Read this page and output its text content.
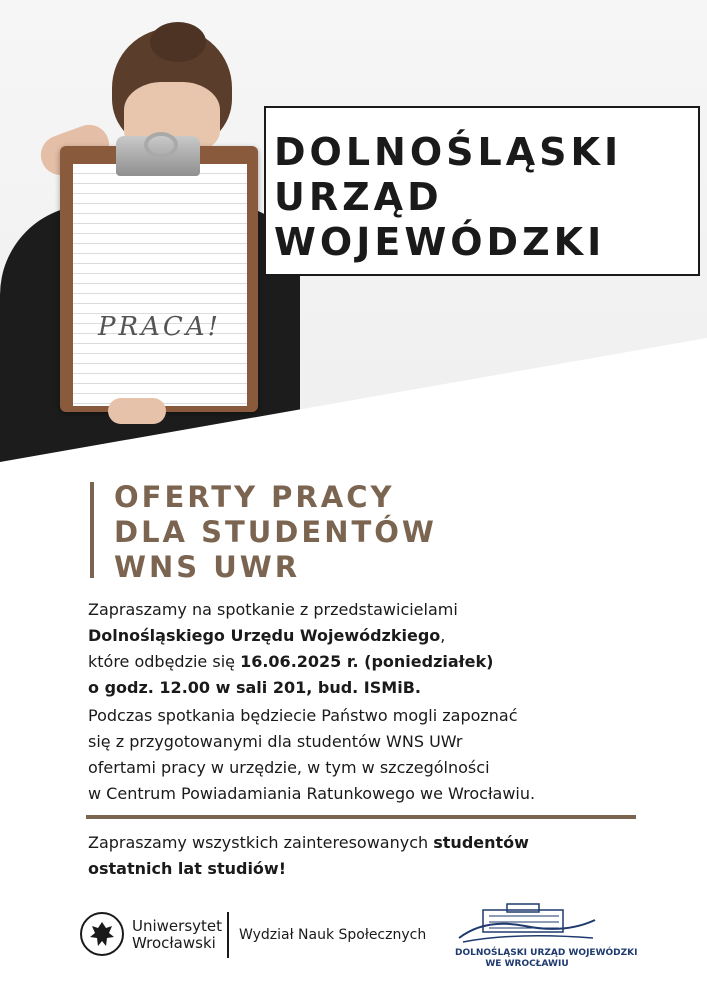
PRACA!
DOLNOŚLĄSKI
URZĄD
WOJEWÓDZKI
OFERTY PRACY
DLA STUDENTÓW
WNS UWR
Zapraszamy na spotkanie z przedstawicielami
Dolnośląskiego Urzędu Wojewódzkiego,
które odbędzie się 16.06.2025 r. (poniedziałek)
o godz. 12.00 w sali 201, bud. ISMiB.
Podczas spotkania będziecie Państwo mogli zapoznać
się z przygotowanymi dla studentów WNS UWr
ofertami pracy w urzędzie, w tym w szczególności
w Centrum Powiadamiania Ratunkowego we Wrocławiu.
Zapraszamy wszystkich zainteresowanych studentów
ostatnich lat studiów!
Uniwersytet
Wrocławski Wydział Nauk Społecznych
DOLNOŚLĄSKI URZĄD WOJEWÓDZKI
WE WROCŁAWIU
